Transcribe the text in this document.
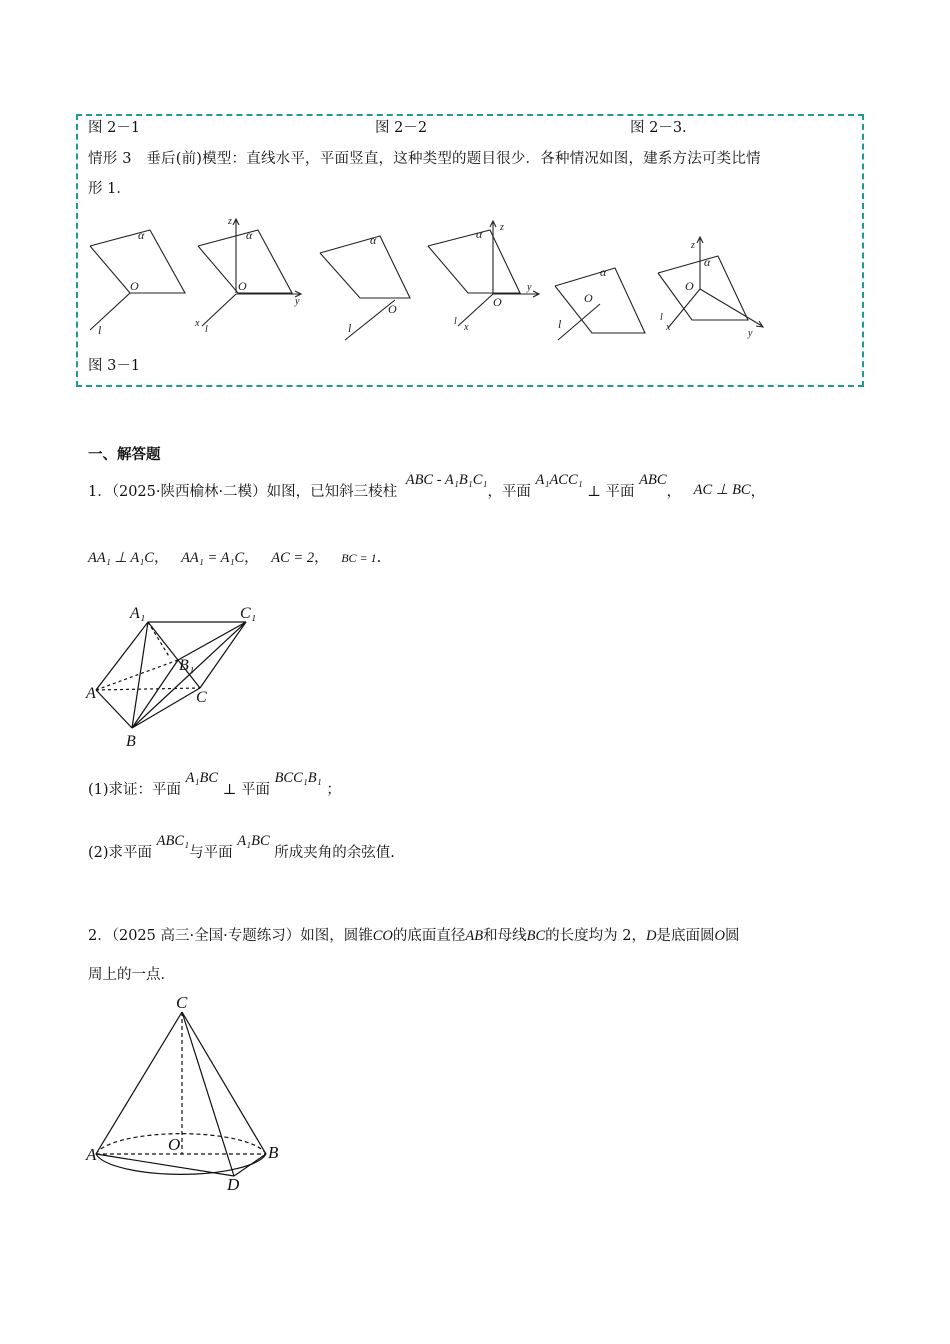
图 2－1	图 2－2	图 2－3.
情形 3　垂后(前)模型：直线水平，平面竖直，这种类型的题目很少．各种情况如图，建系方法可类比情
形 1．
α
O
l
z
α
O
y
x
l
α
O
l
z
α
O
y
l
x
α
O
l
z
α
O
l
x
y
图 3－1
一、解答题
1．（2025·陕西榆林·二模）如图，已知斜三棱柱 ABC - A₁B₁C₁，平面 A₁ACC₁ ⊥ 平面 ABC， AC ⊥ BC，
AA₁ ⊥ A₁C， AA₁ = A₁C， AC = 2， BC = 1.
A₁	C₁
B₁
A	C
B
(1)求证：平面 A₁BC ⊥ 平面 BCC₁B₁ ；
(2)求平面 ABC₁与平面 A₁BC 所成夹角的余弦值.
2．（2025 高三·全国·专题练习）如图，圆锥CO的底面直径AB和母线BC的长度均为 2，D是底面圆O圆
周上的一点．
C
A
O	B
D
